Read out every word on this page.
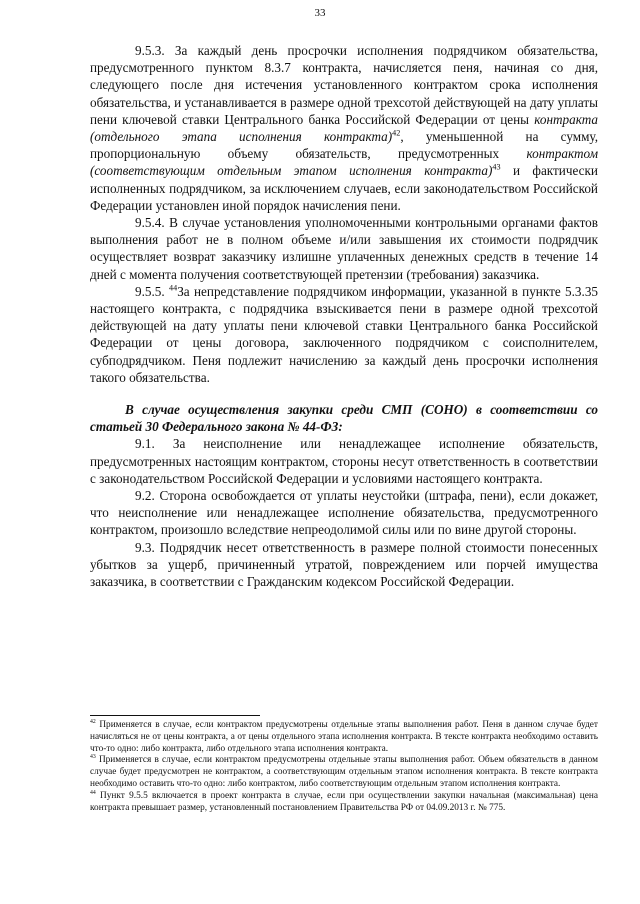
33

9.5.3. За каждый день просрочки исполнения подрядчиком обязательства, предусмотренного пунктом 8.3.7 контракта, начисляется пеня, начиная со дня, следующего после дня истечения установленного контрактом срока исполнения обязательства, и устанавливается в размере одной трехсотой действующей на дату уплаты пени ключевой ставки Центрального банка Российской Федерации от цены контракта (отдельного этапа исполнения контракта)$^{42}$, уменьшенной на сумму, пропорциональную объему обязательств, предусмотренных контрактом (соответствующим отдельным этапом исполнения контракта)$^{43}$ и фактически исполненных подрядчиком, за исключением случаев, если законодательством Российской Федерации установлен иной порядок начисления пени.

9.5.4. В случае установления уполномоченными контрольными органами фактов выполнения работ не в полном объеме и/или завышения их стоимости подрядчик осуществляет возврат заказчику излишне уплаченных денежных средств в течение 14 дней с момента получения соответствующей претензии (требования) заказчика.

9.5.5. $^{44}$За непредставление подрядчиком информации, указанной в пункте 5.3.35 настоящего контракта, с подрядчика взыскивается пени в размере одной трехсотой действующей на дату уплаты пени ключевой ставки Центрального банка Российской Федерации от цены договора, заключенного подрядчиком с соисполнителем, субподрядчиком. Пеня подлежит начислению за каждый день просрочки исполнения такого обязательства.

В случае осуществления закупки среди СМП (СОНО) в соответствии со статьей 30 Федерального закона № 44-ФЗ:

9.1. За неисполнение или ненадлежащее исполнение обязательств, предусмотренных настоящим контрактом, стороны несут ответственность в соответствии с законодательством Российской Федерации и условиями настоящего контракта.

9.2. Сторона освобождается от уплаты неустойки (штрафа, пени), если докажет, что неисполнение или ненадлежащее исполнение обязательства, предусмотренного контрактом, произошло вследствие непреодолимой силы или по вине другой стороны.

9.3. Подрядчик несет ответственность в размере полной стоимости понесенных убытков за ущерб, причиненный утратой, повреждением или порчей имущества заказчика, в соответствии с Гражданским кодексом Российской Федерации.

$^{42}$ Применяется в случае, если контрактом предусмотрены отдельные этапы выполнения работ. Пеня в данном случае будет начисляться не от цены контракта, а от цены отдельного этапа исполнения контракта. В тексте контракта необходимо оставить что-то одно: либо контракта, либо отдельного этапа исполнения контракта.

$^{43}$ Применяется в случае, если контрактом предусмотрены отдельные этапы выполнения работ. Объем обязательств в данном случае будет предусмотрен не контрактом, а соответствующим отдельным этапом исполнения контракта. В тексте контракта необходимо оставить что-то одно: либо контрактом, либо соответствующим отдельным этапом исполнения контракта.

$^{44}$ Пункт 9.5.5 включается в проект контракта в случае, если при осуществлении закупки начальная (максимальная) цена контракта превышает размер, установленный постановлением Правительства РФ от 04.09.2013 г. № 775.
